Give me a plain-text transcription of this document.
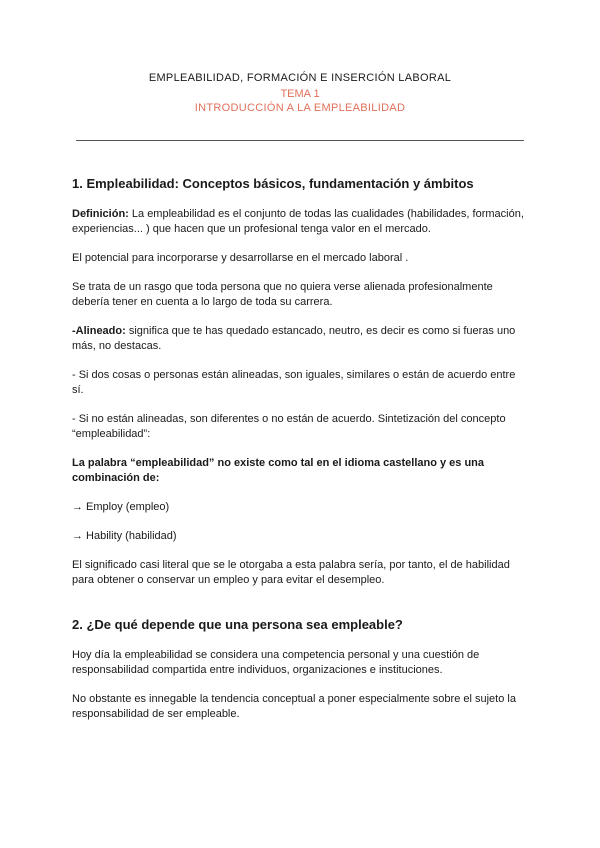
EMPLEABILIDAD, FORMACIÓN E INSERCIÓN LABORAL
TEMA 1
INTRODUCCIÓN A LA EMPLEABILIDAD
1. Empleabilidad: Conceptos básicos, fundamentación y ámbitos
Definición: La empleabilidad es el conjunto de todas las cualidades (habilidades, formación, experiencias... ) que hacen que un profesional tenga valor en el mercado.
El potencial para incorporarse y desarrollarse en el mercado laboral .
Se trata de un rasgo que toda persona que no quiera verse alienada profesionalmente debería tener en cuenta a lo largo de toda su carrera.
-Alineado: significa que te has quedado estancado, neutro, es decir es como si fueras uno más, no destacas.
- Si dos cosas o personas están alineadas, son iguales, similares o están de acuerdo entre sí.
- Si no están alineadas, son diferentes o no están de acuerdo. Sintetización del concepto “empleabilidad”:
La palabra “empleabilidad” no existe como tal en el idioma castellano y es una combinación de:
→ Employ (empleo)
→ Hability (habilidad)
El significado casi literal que se le otorgaba a esta palabra sería, por tanto, el de habilidad para obtener o conservar un empleo y para evitar el desempleo.
2. ¿De qué depende que una persona sea empleable?
Hoy día la empleabilidad se considera una competencia personal y una cuestión de responsabilidad compartida entre individuos, organizaciones e instituciones.
No obstante es innegable la tendencia conceptual a poner especialmente sobre el sujeto la responsabilidad de ser empleable.
